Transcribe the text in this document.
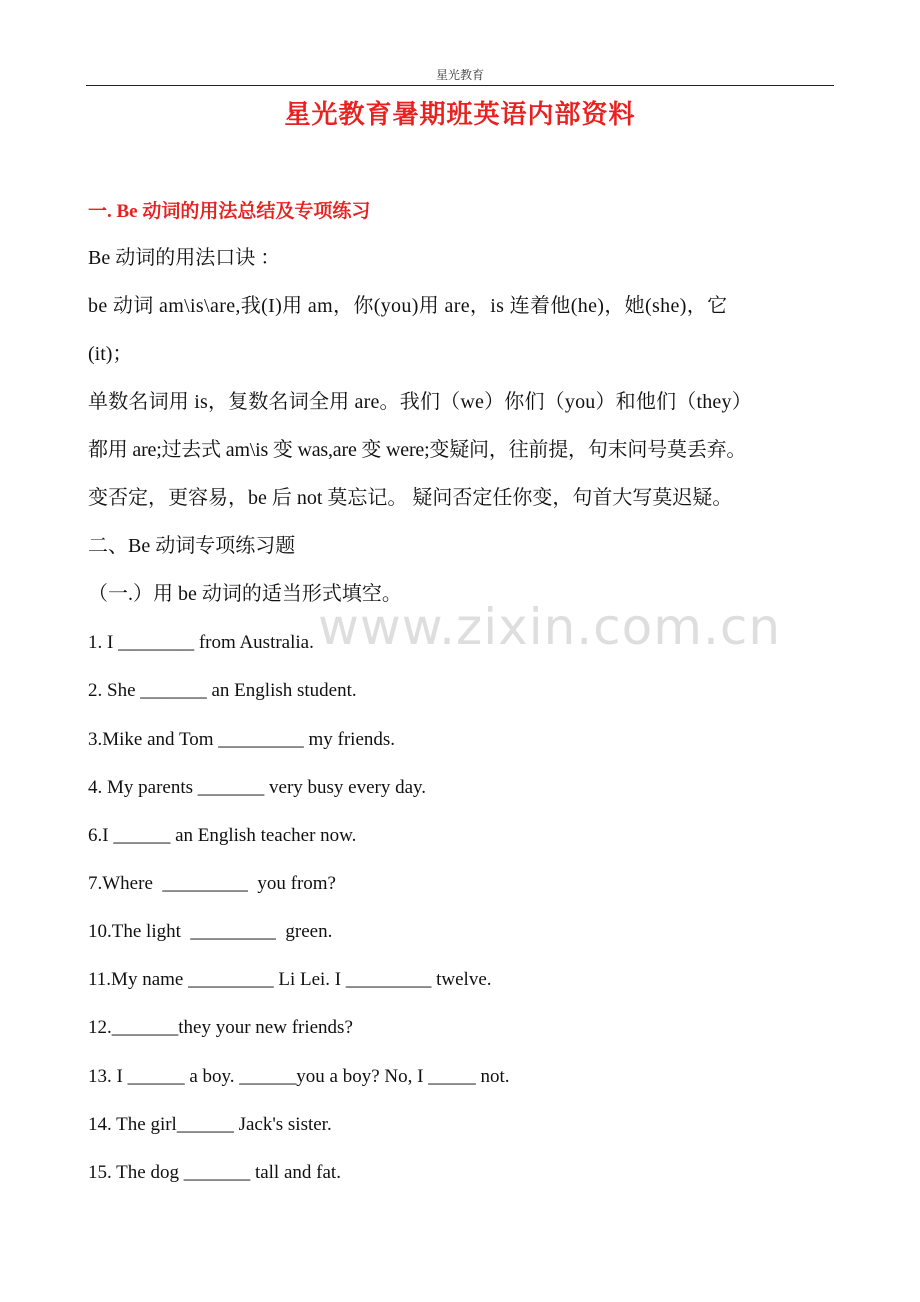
星光教育
星光教育暑期班英语内部资料
一. Be 动词的用法总结及专项练习
Be 动词的用法口诀 ：
be 动词 am\is\are,我(I)用 am，你(you)用 are，is 连着他(he)，她(she)，它
(it)；
单数名词用 is，复数名词全用 are。我们（we）你们（you）和他们（they）
都用 are;过去式 am\is 变 was,are 变 were;变疑问，往前提，句末问号莫丢弃。
变否定，更容易，be 后 not 莫忘记。 疑问否定任你变，句首大写莫迟疑。
二、Be 动词专项练习题
（一.）用 be 动词的适当形式填空。
www.zixin.com.cn
1. I ________ from Australia.
2. She _______ an English student.
3.Mike and Tom _________ my friends.
4. My parents _______ very busy every day.
6.I ______ an English teacher now.
7.Where  _________  you from?
10.The light  _________  green.
11.My name _________ Li Lei. I _________ twelve.
12._______they your new friends?
13. I ______ a boy. ______you a boy? No, I _____ not.
14. The girl______ Jack's sister.
15. The dog _______ tall and fat.
